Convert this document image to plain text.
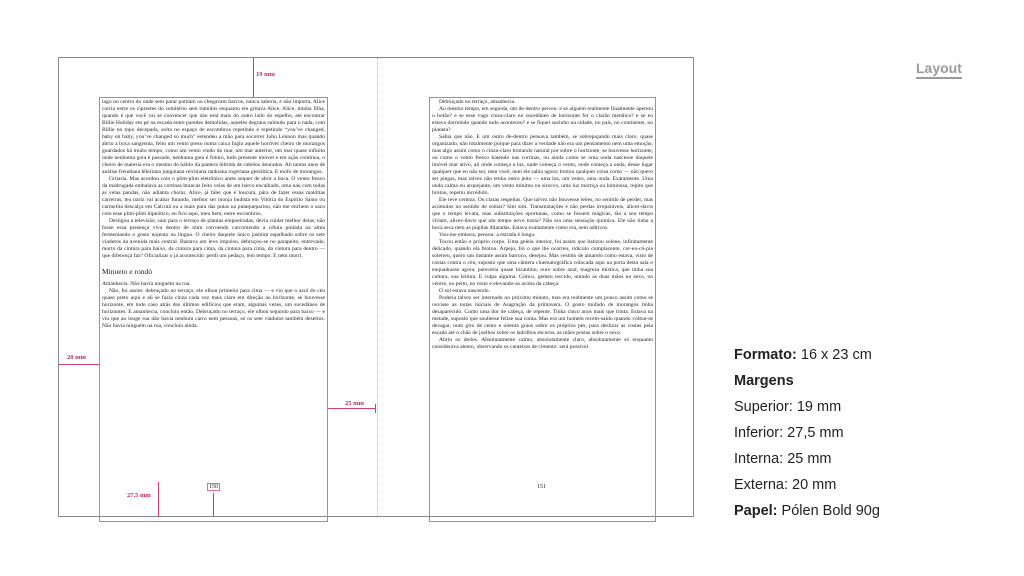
Layout

lago no centro do onde sem parar partiam ou chegavam barcos, nunca saberia, e não importa, Alice corria entre os ciprestes do cemitério sem túmulos enquanto ele gritava Alice, Alice, minha filha, quando é que você vai se convencer que não está mais do outro lado do espelho, até encontrar Billie Holiday em pé na escada entre paredes demolidas, aqueles degraus subindo para o nada, com Billie no topo decepada, solta no espaço de escombros repetindo e repetindo “you’ve changed, baby oh baby, you’ve changed so much” estendeu a mão para socorrer John Lennon mas quando abriu a boca sangrenta, feito um vento preso numa caixa fugiu aquele horrível cheiro de morangos guardados há muito tempo, como um vento vindo do mar, um mar anterior, um mar quase infinito onde nenhuma gota é passado, nenhuma gota é futuro, tudo presente imóvel e em ação contínua, o cheiro de maresia era o mesmo do hálito da pantera hibrida de cabelos dourados. Ah tantos anos de análise freudiana lêkiriana junguiana reichiana rankiana rogeriana gestáltica. E mofo de morangos.

Gritaria. Mas acordou com o plim-plim eletrônico antes sequer de abrir a boca. O vento fresco da madrugada embalava as cortinas brancas feito velas de um barco encalhado, uma nau com todas as velas pandas, não adianta chorar, Alice, já falei que é loucura, pára de fazer essas malditas carreiras, teu nariz vai acabar furando, melhor ser monja budista em Vitória do Espírito Santo ou carmelita descalça em Calcutá ou a mais puta das putas na putaqueparinu, não me enchem o saco com esse plim-plim hipnótico, eu fico aqui, meu bem, entre escombros.

Desligou a televisão, saiu para o terraço de plantas empoeiradas, devia cuidar melhor delas, não fosse essa presença viva dentro de mim corroendo carcomendo a célula pintada na alma fermentando o gosto nojento na língua. O cheiro daquele único jasmim espalhado sobre os sete viadutos da avenida mais central. Bastava um leve impulso, debruçou-se no parapeito, entrevado, morto da cintura para baixo, da cintura para cima, da cintura para cima, da cintura para dentro — que diferença faz? Oficializar o já acontecido: perdi um pedaço, tem tempo. E nem morri.

Minueto e rondó

Amanhecia. Não havia ninguém na rua.

Não, foi assim: debruçado no terraço, ele olhou primeiro para cima — e viu que o azul do céu quase preto aqui e ali se fazia cinza cada vez mais claro em direção ao horizonte, se houvesse horizonte, em todo caso atrás dos últimos edifícios que eram, algumas vezes, um sucedâneo de horizontes. E amanhecia, concluiu então. Debruçado no terraço, ele olhou segundo para baixo — e viu que ao longe rua não havia nenhum carro nem pessoas, só os sete viadutos também desertos. Não havia ninguém na rua, concluiu ainda.

Debruçado no terraço, amanhecia.

Ao mesmo tempo, em seguida, um de-dentro perceu: e se alguém realmente finalmente apertou o botão? e se esse vago cinza-claro no sucedâneo de horizonte for o clarão metálico? e se eu estava dormindo quando tudo aconteceu? e se fiquei sozinho na cidade, no país, no continente, no planeta?

Sabia que não. E um outro de-dentro pensava também, se sobrepujando mais claro, quase organizado, não totalmente porque para dizer a verdade não era um pensamento nem uma emoção, mas algo assim como o cinza-claro brotando natural por sobre o horizonte, se houvesse horizonte, ou como o vento fresco batendo nas cortinas, ou ainda como se uma onda nascesse daquele imóvel mar ativo, ali onde começa a luz, onde começa o vento, onde começa a onda, desse lugar qualquer que eu não sei, nem você, nem ele sabia agora: brotou qualquer coisa como — não quero ser piegas, mas talvez não tenha outro jeito — uma luz, um vento, uma onda. Exatamente. Uma onda calma ou arquejante, um vento mínimo ou sirocco, uma luz mortiça ou luminosa, repito que brotou, repetiu incrédulo.

Ele teve certeza. Ou claras respeitas. Que talvez não houvesse leões, no sentido de perder, mas acúmulos no sentido de somar? Sim sim. Transmutações e não perdas irreparáveis, alices-davis que o tempo levara, mas substituições oportunas, como se fossem mágicas, tão a seu tempo viriam, alices-davis que um tempo novo traria? Não era uma sensação química. Ele não tinha a boca seca nem as pupilas dilatadas. Estava exatamente como era, sem aditivos.

Vou-me embora, pensou: a estrada é longa.

Tocou então o próprio corpo. Uma geleia interior, foi assim que batizou solene, infinitamente delicado, quando ela brotou. Arpejo, foi o que lhe ocorreu, ridículo complacente, cor-eu-cô-pia soletreu, quero um instante assim barroco, desejou. Mas vestido de amarelo como estava, visto de costas contra o céu, suposto que uma câmera cinematográfica colocada aqui na porta desta sala o enquadrasse agora, pareceria quase bizantino, ouro sobre azul, magreza mística, que tinha sua cultura, sua leitura. E culpa alguma. Gótico, gemeu torcido, unindo as duas mãos no sexo, no ventre, no peito, no rosto e elevando-as acima da cabeça.

O sol estava nascendo.

Poderia talvez ser internado no próximo minuto, mas era realmente um pouco assim como se ouvisse as notas iniciais de Asagração da primavera. O gosto mofado de morangos tinha desaparecido. Como uma dor de cabeça, de repente. Tinha cinco anos mais que trinta. Estava na metade, suposto que soubesse felize sua conta. Mas era um homem recém-saído quando voltou-se devagar, num giro de cento e oitenta graus sobre os próprios pés, para deslizar as costas pela escada até o chão de joelhos sobre os ladrilhos escuros, as mãos postas sobre o sexo.

Abriu os dedos. Absolutamente calmo, absolutamente claro, absolutamente só enquanto considerava atento, observando os canteiros de cimento: será possível

19 mm
20 mm
25 mm
27,5 mm
150	151
Formato: 16 x 23 cm
Margens
Superior: 19 mm
Inferior: 27,5 mm
Interna: 25 mm
Externa: 20 mm
Papel: Pólen Bold 90g
